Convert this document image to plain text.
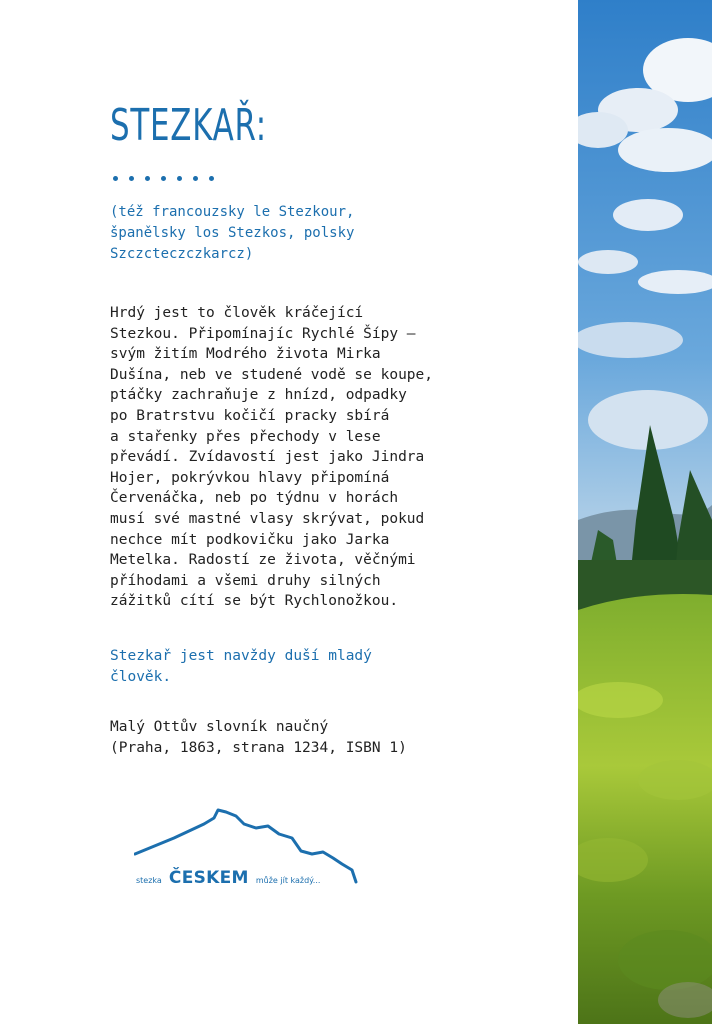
STEZKAŘ:

(též francouzsky le Stezkour,
španělsky los Stezkos, polsky
Szczcteczczkarcz)

Hrdý jest to člověk kráčející
Stezkou. Připomínajíc Rychlé Šípy –
svým žitím Modrého života Mirka
Dušína, neb ve studené vodě se koupe,
ptáčky zachraňuje z hnízd, odpadky
po Bratrstvu kočičí pracky sbírá
a stařenky přes přechody v lese
převádí. Zvídavostí jest jako Jindra
Hojer, pokrývkou hlavy připomíná
Červenáčka, neb po týdnu v horách
musí své mastné vlasy skrývat, pokud
nechce mít podkovičku jako Jarka
Metelka. Radostí ze života, věčnými
příhodami a všemi druhy silných
zážitků cítí se být Rychlonožkou.

Stezkař jest navždy duší mladý
člověk.

Malý Ottův slovník naučný
(Praha, 1863, strana 1234, ISBN 1)

stezka ČESKEM může jít každý...
